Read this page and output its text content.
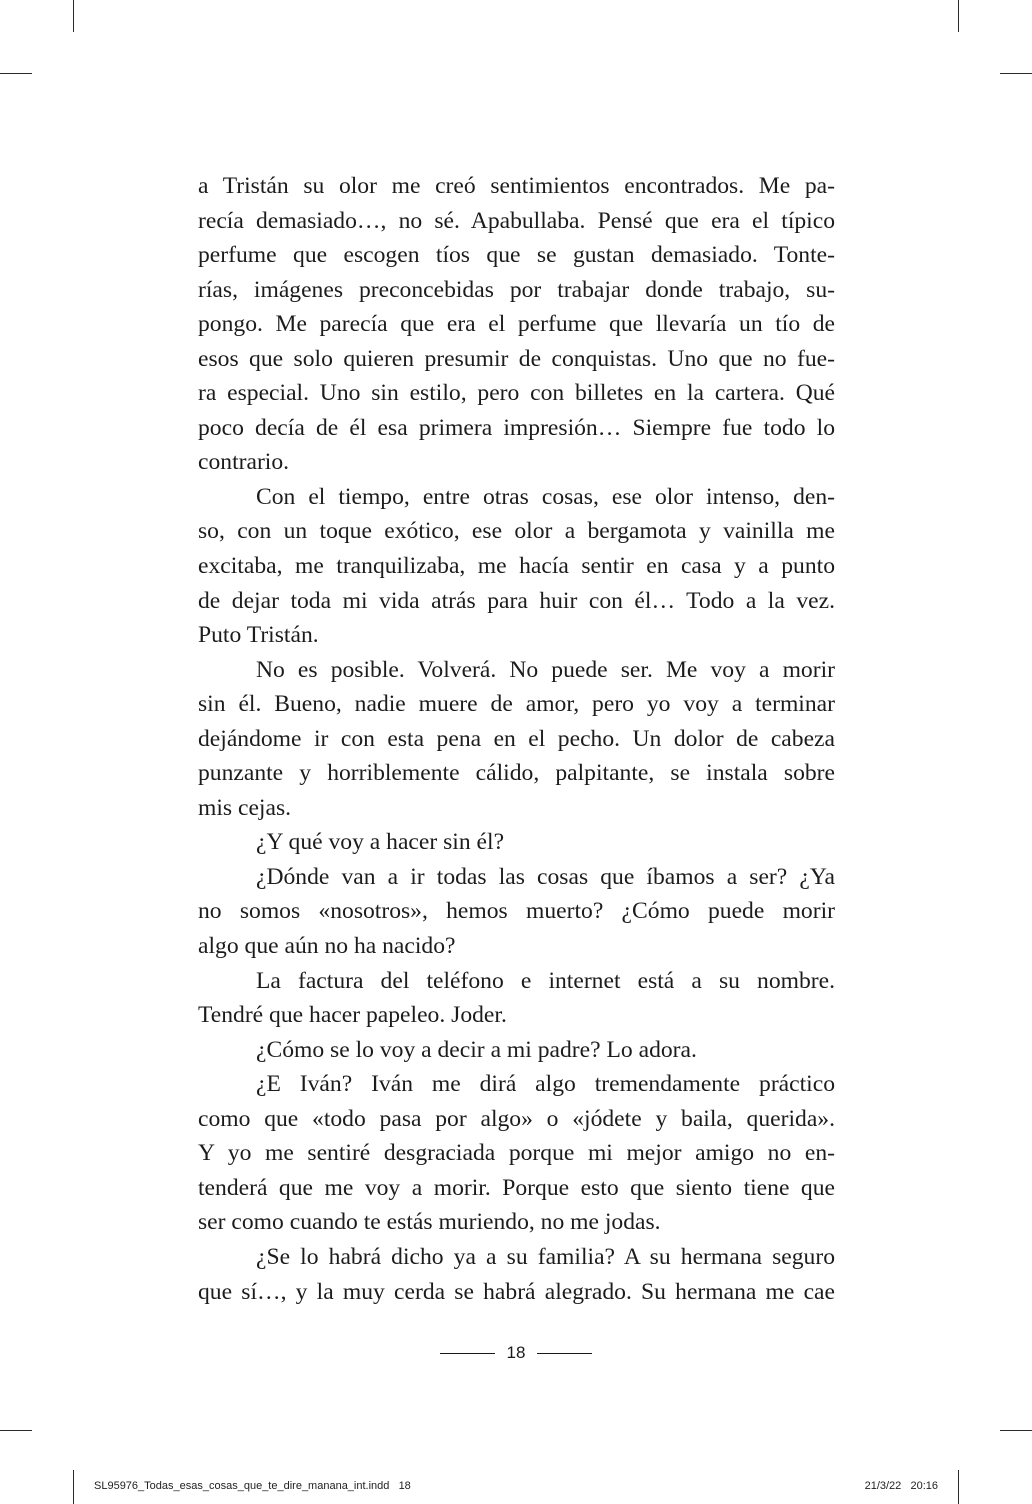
a Tristán su olor me creó sentimientos encontrados. Me pa-
recía demasiado…, no sé. Apabullaba. Pensé que era el típico
perfume que escogen tíos que se gustan demasiado. Tonte-
rías, imágenes preconcebidas por trabajar donde trabajo, su-
pongo. Me parecía que era el perfume que llevaría un tío de
esos que solo quieren presumir de conquistas. Uno que no fue-
ra especial. Uno sin estilo, pero con billetes en la cartera. Qué
poco decía de él esa primera impresión… Siempre fue todo lo
contrario.
Con el tiempo, entre otras cosas, ese olor intenso, den-
so, con un toque exótico, ese olor a bergamota y vainilla me
excitaba, me tranquilizaba, me hacía sentir en casa y a punto
de dejar toda mi vida atrás para huir con él… Todo a la vez.
Puto Tristán.
No es posible. Volverá. No puede ser. Me voy a morir
sin él. Bueno, nadie muere de amor, pero yo voy a terminar
dejándome ir con esta pena en el pecho. Un dolor de cabeza
punzante y horriblemente cálido, palpitante, se instala sobre
mis cejas.
¿Y qué voy a hacer sin él?
¿Dónde van a ir todas las cosas que íbamos a ser? ¿Ya
no somos «nosotros», hemos muerto? ¿Cómo puede morir
algo que aún no ha nacido?
La factura del teléfono e internet está a su nombre.
Tendré que hacer papeleo. Joder.
¿Cómo se lo voy a decir a mi padre? Lo adora.
¿E Iván? Iván me dirá algo tremendamente práctico
como que «todo pasa por algo» o «jódete y baila, querida».
Y yo me sentiré desgraciada porque mi mejor amigo no en-
tenderá que me voy a morir. Porque esto que siento tiene que
ser como cuando te estás muriendo, no me jodas.
¿Se lo habrá dicho ya a su familia? A su hermana seguro
que sí…, y la muy cerda se habrá alegrado. Su hermana me cae
18
SL95976_Todas_esas_cosas_que_te_dire_manana_int.indd   18	21/3/22   20:16
